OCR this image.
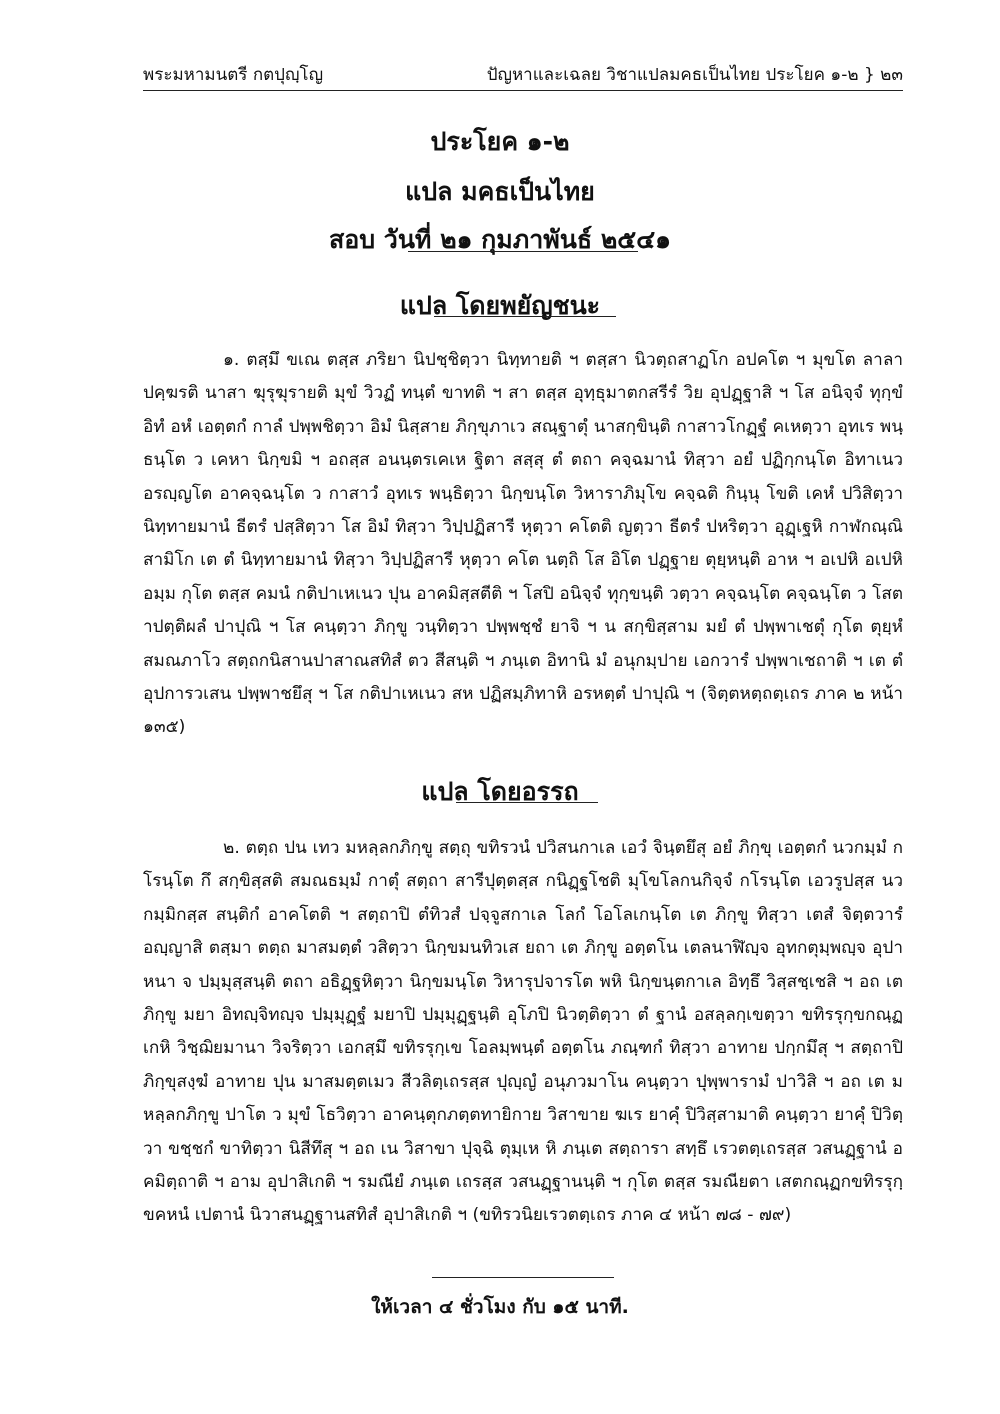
พระมหามนตรี กตปุญฺโญ	ปัญหาและเฉลย วิชาแปลมคธเป็นไทย ประโยค ๑-๒ } ๒๓
ประโยค ๑-๒
แปล มคธเป็นไทย
สอบ วันที่ ๒๑ กุมภาพันธ์ ๒๕๔๑
แปล โดยพยัญชนะ
๑. ตสฺมึ ขเณ ตสฺส ภริยา นิปชฺชิตฺวา นิทฺทายติ ฯ ตสฺสา นิวตฺถสาฏโก อปคโต ฯ มุขโต ลาลา ปคฺฆรติ นาสา ฆุรุฆุรายติ มุขํ วิวฏํ ทนฺตํ ขาทติ ฯ สา ตสฺส อุทฺธุมาตกสรีรํ วิย อุปฏฺฐาสิ ฯ โส อนิจฺจํ ทุกฺขํ อิทํ อหํ เอตฺตกํ กาลํ ปพฺพชิตฺวา อิมํ นิสฺสาย ภิกฺขุภาเว สณฺฐาตุํ นาสกฺขินฺติ กาสาวโกฏฺฐํ คเหตฺวา อุทเร พนฺธนฺโต ว เคหา นิกฺขมิ ฯ อถสฺส อนนฺตรเคเห ฐิตา สสฺสุ ตํ ตถา คจฺฉมานํ ทิสฺวา อยํ ปฏิกฺกนฺโต อิทาเนว อรญฺญโต อาคจฺฉนฺโต ว กาสาวํ อุทเร พนฺธิตฺวา นิกฺขนฺโต วิหาราภิมุโข คจฺฉติ กินฺนุ โขติ เคหํ ปวิสิตฺวา นิทฺทายมานํ ธีตรํ ปสฺสิตฺวา โส อิมํ ทิสฺวา วิปฺปฏิสารี หุตฺวา คโตติ ญตฺวา ธีตรํ ปหริตฺวา อุฏฺเฐหิ กาฬกณฺณิ สามิโก เต ตํ นิทฺทายมานํ ทิสฺวา วิปฺปฏิสารี หุตฺวา คโต นตฺถิ โส อิโต ปฏฺฐาย ตุยฺหนฺติ อาห ฯ อเปหิ อเปหิ อมฺม กุโต ตสฺส คมนํ กติปาเหเนว ปุน อาคมิสฺสตีติ ฯ โสปิ อนิจฺจํ ทุกฺขนฺติ วตฺวา คจฺฉนฺโต คจฺฉนฺโต ว โสตาปตฺติผลํ ปาปุณิ ฯ โส คนฺตฺวา ภิกฺขู วนฺทิตฺวา ปพฺพชฺชํ ยาจิ ฯ น สกฺขิสฺสาม มยํ ตํ ปพฺพาเชตุํ กุโต ตุยฺหํ สมณภาโว สตฺถกนิสานปาสาณสทิสํ ตว สีสนฺติ ฯ ภนฺเต อิทานิ มํ อนุกมฺปาย เอกวารํ ปพฺพาเชถาติ ฯ เต ตํ อุปการวเสน ปพฺพาชยึสุ ฯ โส กติปาเหเนว สห ปฏิสมฺภิทาหิ อรหตฺตํ ปาปุณิ ฯ (จิตฺตหตฺถตฺเถร ภาค ๒ หน้า ๑๓๕)
แปล โดยอรรถ
๒. ตตฺถ ปน เทว มหลฺลกภิกฺขู สตฺถุ ขทิรวนํ ปวิสนกาเล เอวํ จินฺตยึสุ อยํ ภิกฺขุ เอตฺตกํ นวกมฺมํ กโรนฺโต กึ สกฺขิสฺสติ สมณธมฺมํ กาตุํ สตฺถา สารีปุตฺตสฺส กนิฏฺฐโชติ มุโขโลกนกิจฺจํ กโรนฺโต เอวรูปสฺส นวกมฺมิกสฺส สนฺติกํ อาคโตติ ฯ สตฺถาปิ ตํทิวสํ ปจฺจูสกาเล โลกํ โอโลเกนฺโต เต ภิกฺขู ทิสฺวา เตสํ จิตฺตวารํ อญฺญาสิ ตสฺมา ตตฺถ มาสมตฺตํ วสิตฺวา นิกฺขมนทิวเส ยถา เต ภิกฺขู อตฺตโน เตลนาฬิญฺจ อุทกตุมฺพญฺจ อุปาหนา จ ปมฺมุสฺสนฺติ ตถา อธิฏฺฐหิตฺวา นิกฺขมนฺโต วิหารุปจารโต พหิ นิกฺขนฺตกาเล อิทฺธึ วิสฺสชฺเชสิ ฯ อถ เต ภิกฺขู มยา อิทญฺจิทญฺจ ปมฺมุฏฺฐํ มยาปิ ปมฺมุฏฺฐนฺติ อุโภปิ นิวตฺติตฺวา ตํ ฐานํ อสลฺลกฺเขตฺวา ขทิรรุกฺขกณฺฏเกหิ วิชฺฌิยมานา วิจริตฺวา เอกสฺมึ ขทิรรุกฺเข โอลมฺพนฺตํ อตฺตโน ภณฺฑกํ ทิสฺวา อาทาย ปกฺกมึสุ ฯ สตฺถาปิ ภิกฺขุสงฺฆํ อาทาย ปุน มาสมตฺตเมว สีวลิตฺเถรสฺส ปุญฺญํ อนุภวมาโน คนฺตฺวา ปุพฺพารามํ ปาวิสิ ฯ อถ เต มหลฺลกภิกฺขู ปาโต ว มุขํ โธวิตฺวา อาคนฺตุกภตฺตทายิกาย วิสาขาย ฆเร ยาคุํ ปิวิสฺสามาติ คนฺตฺวา ยาคุํ ปิวิตฺวา ขชฺชกํ ขาทิตฺวา นิสีทึสุ ฯ อถ เน วิสาขา ปุจฺฉิ ตุมฺเห หิ ภนฺเต สตฺถารา สทฺธึ เรวตตฺเถรสฺส วสนฏฺฐานํ อคมิตฺถาติ ฯ อาม อุปาสิเกติ ฯ รมณียํ ภนฺเต เถรสฺส วสนฏฺฐานนฺติ ฯ กุโต ตสฺส รมณียตา เสตกณฺฏกขทิรรุกฺขคหนํ เปตานํ นิวาสนฏฺฐานสทิสํ อุปาสิเกติ ฯ (ขทิรวนิยเรวตตฺเถร ภาค ๔ หน้า ๗๘ - ๗๙)
ให้เวลา ๔ ชั่วโมง กับ ๑๕ นาที.
